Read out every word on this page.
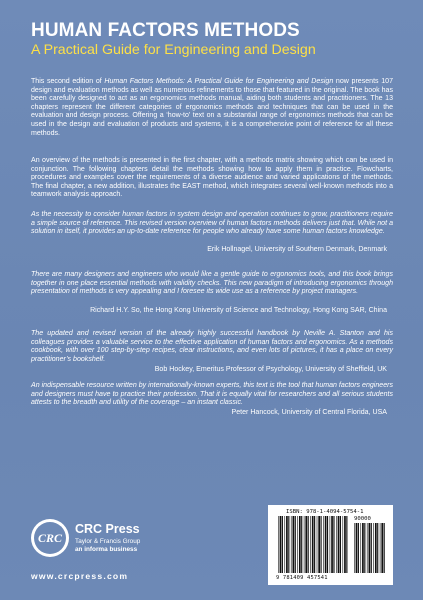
HUMAN FACTORS METHODS
A Practical Guide for Engineering and Design
This second edition of Human Factors Methods: A Practical Guide for Engineering and Design now presents 107 design and evaluation methods as well as numerous refinements to those that featured in the original. The book has been carefully designed to act as an ergonomics methods manual, aiding both students and practitioners. The 13 chapters represent the different categories of ergonomics methods and techniques that can be used in the evaluation and design process. Offering a ‘how-to’ text on a substantial range of ergonomics methods that can be used in the design and evaluation of products and systems, it is a comprehensive point of reference for all these methods.
An overview of the methods is presented in the first chapter, with a methods matrix showing which can be used in conjunction. The following chapters detail the methods showing how to apply them in practice. Flowcharts, procedures and examples cover the requirements of a diverse audience and varied applications of the methods. The final chapter, a new addition, illustrates the EAST method, which integrates several well-known methods into a teamwork analysis approach.
As the necessity to consider human factors in system design and operation continues to grow, practitioners require a simple source of reference. This revised version overview of human factors methods delivers just that. While not a solution in itself, it provides an up-to-date reference for people who already have some human factors knowledge.
Erik Hollnagel, University of Southern Denmark, Denmark
There are many designers and engineers who would like a gentle guide to ergonomics tools, and this book brings together in one place essential methods with validity checks. This new paradigm of introducing ergonomics through presentation of methods is very appealing and I foresee its wide use as a reference by project managers.
Richard H.Y. So, the Hong Kong University of Science and Technology, Hong Kong SAR, China
The updated and revised version of the already highly successful handbook by Neville A. Stanton and his colleagues provides a valuable service to the effective application of human factors and ergonomics. As a methods cookbook, with over 100 step-by-step recipes, clear instructions, and even lots of pictures, it has a place on every practitioner’s bookshelf.
Bob Hockey, Emeritus Professor of Psychology, University of Sheffield, UK
An indispensable resource written by internationally-known experts, this text is the tool that human factors engineers and designers must have to practice their profession. That it is equally vital for researchers and all serious students attests to the breadth and utility of the coverage – an instant classic.
Peter Hancock, University of Central Florida, USA
CRC
CRC Press
Taylor & Francis Group
an informa business
www.crcpress.com
ISBN: 978-1-4094-5754-1
90000
9 781409 457541
